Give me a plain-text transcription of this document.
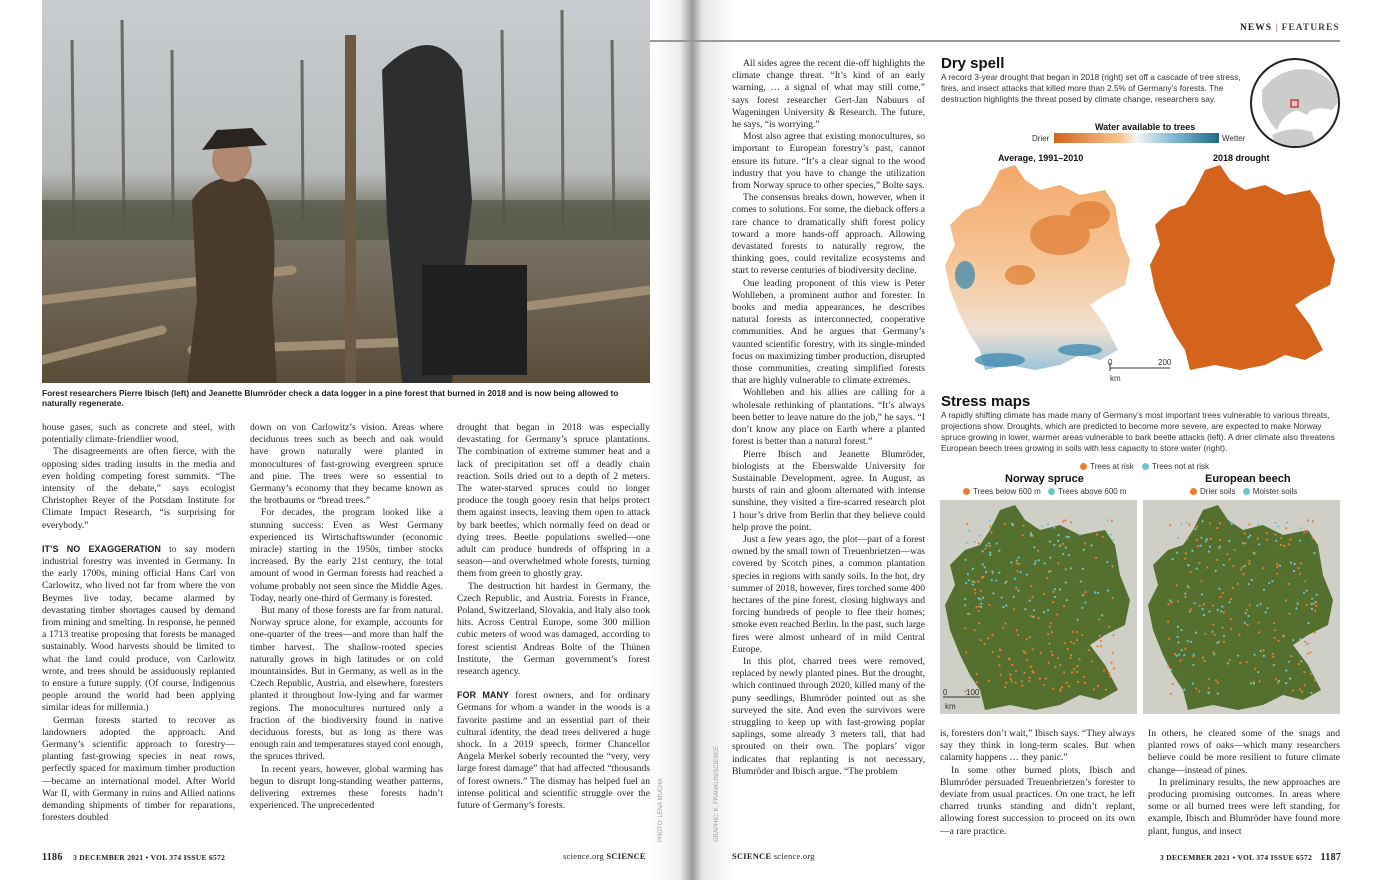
Forest researchers Pierre Ibisch (left) and Jeanette Blumröder check a data logger in a pine forest that burned in 2018 and is now being allowed to naturally regenerate.

house gases, such as concrete and steel, with potentially climate-friendlier wood.

The disagreements are often fierce, with the opposing sides trading insults in the media and even holding competing forest summits. “The intensity of the debate,” says ecologist Christopher Reyer of the Potsdam Institute for Climate Impact Research, “is surprising for everybody.”

IT’S NO EXAGGERATION to say modern industrial forestry was invented in Germany. In the early 1700s, mining official Hans Carl von Carlowitz, who lived not far from where the von Beymes live today, became alarmed by devastating timber shortages caused by demand from mining and smelting. In response, he penned a 1713 treatise proposing that forests be managed sustainably. Wood harvests should be limited to what the land could produce, von Carlowitz wrote, and trees should be assiduously replanted to ensure a future supply. (Of course, Indigenous people around the world had been applying similar ideas for millennia.)

German forests started to recover as landowners adopted the approach. And Germany’s scientific approach to forestry—planting fast-growing species in neat rows, perfectly spaced for maximum timber production—became an international model. After World War II, with Germany in ruins and Allied nations demanding shipments of timber for reparations, foresters doubled

down on von Carlowitz’s vision. Areas where deciduous trees such as beech and oak would have grown naturally were planted in monocultures of fast-growing evergreen spruce and pine. The trees were so essential to Germany’s economy that they became known as the brotbaums or “bread trees.”

For decades, the program looked like a stunning success: Even as West Germany experienced its Wirtschaftswunder (economic miracle) starting in the 1950s, timber stocks increased. By the early 21st century, the total amount of wood in German forests had reached a volume probably not seen since the Middle Ages. Today, nearly one-third of Germany is forested.

But many of those forests are far from natural. Norway spruce alone, for example, accounts for one-quarter of the trees—and more than half the timber harvest. The shallow-rooted species naturally grows in high latitudes or on cold mountainsides. But in Germany, as well as in the Czech Republic, Austria, and elsewhere, foresters planted it throughout low-lying and far warmer regions. The monocultures nurtured only a fraction of the biodiversity found in native deciduous forests, but as long as there was enough rain and temperatures stayed cool enough, the spruces thrived.

In recent years, however, global warming has begun to disrupt long-standing weather patterns, delivering extremes these forests hadn’t experienced. The unprecedented

drought that began in 2018 was especially devastating for Germany’s spruce plantations. The combination of extreme summer heat and a lack of precipitation set off a deadly chain reaction. Soils dried out to a depth of 2 meters. The water-starved spruces could no longer produce the tough gooey resin that helps protect them against insects, leaving them open to attack by bark beetles, which normally feed on dead or dying trees. Beetle populations swelled—one adult can produce hundreds of offspring in a season—and overwhelmed whole forests, turning them from green to ghostly gray.

The destruction hit hardest in Germany, the Czech Republic, and Austria. Forests in France, Poland, Switzerland, Slovakia, and Italy also took hits. Across Central Europe, some 300 million cubic meters of wood was damaged, according to forest scientist Andreas Bolte of the Thünen Institute, the German government’s forest research agency.

FOR MANY forest owners, and for ordinary Germans for whom a wander in the woods is a favorite pastime and an essential part of their cultural identity, the dead trees delivered a huge shock. In a 2019 speech, former Chancellor Angela Merkel soberly recounted the “very, very large forest damage” that had affected “thousands of forest owners.” The dismay has helped fuel an intense political and scientific struggle over the future of Germany’s forests.	PHOTO: LENA MUCHA	GRAPHIC: K. FRANKLIN/SCIENCE
1186 3 DECEMBER 2021 • VOL 374 ISSUE 6572	science.org SCIENCE
NEWS | FEATURES

All sides agree the recent die-off highlights the climate change threat. “It’s kind of an early warning, … a signal of what may still come,” says forest researcher Gert-Jan Nabuurs of Wageningen University & Research. The future, he says, “is worrying.”

Most also agree that existing monocultures, so important to European forestry’s past, cannot ensure its future. “It’s a clear signal to the wood industry that you have to change the utilization from Norway spruce to other species,” Bolte says.

The consensus breaks down, however, when it comes to solutions. For some, the dieback offers a rare chance to dramatically shift forest policy toward a more hands-off approach. Allowing devastated forests to naturally regrow, the thinking goes, could revitalize ecosystems and start to reverse centuries of biodiversity decline.

One leading proponent of this view is Peter Wohlleben, a prominent author and forester. In books and media appearances, he describes natural forests as interconnected, cooperative communities. And he argues that Germany’s vaunted scientific forestry, with its single-minded focus on maximizing timber production, disrupted those communities, creating simplified forests that are highly vulnerable to climate extremes.

Wohlleben and his allies are calling for a wholesale rethinking of plantations. “It’s always been better to leave nature do the job,” he says. “I don’t know any place on Earth where a planted forest is better than a natural forest.”

Pierre Ibisch and Jeanette Blumröder, biologists at the Eberswalde University for Sustainable Development, agree. In August, as bursts of rain and gloom alternated with intense sunshine, they visited a fire-scarred research plot 1 hour’s drive from Berlin that they believe could help prove the point.

Just a few years ago, the plot—part of a forest owned by the small town of Treuenbrietzen—was covered by Scotch pines, a common plantation species in regions with sandy soils. In the hot, dry summer of 2018, however, fires torched some 400 hectares of the pine forest, closing highways and forcing hundreds of people to flee their homes; smoke even reached Berlin. In the past, such large fires were almost unheard of in mild Central Europe.

In this plot, charred trees were removed, replaced by newly planted pines. But the drought, which continued through 2020, killed many of the puny seedlings, Blumröder pointed out as she surveyed the site. And even the survivors were struggling to keep up with fast-growing poplar saplings, some already 3 meters tall, that had sprouted on their own. The poplars’ vigor indicates that replanting is not necessary, Blumröder and Ibisch argue. “The problem

is, foresters don’t wait,” Ibisch says. “They always say they think in long-term scales. But when calamity happens … they panic.”

In some other burned plots, Ibisch and Blumröder persuaded Treuenbrietzen’s forester to deviate from usual practices. On one tract, he left charred trunks standing and didn’t replant, allowing forest succession to proceed on its own—a rare practice.

In others, he cleared some of the snags and planted rows of oaks—which many researchers believe could be more resilient to future climate change—instead of pines.

In preliminary results, the new approaches are producing promising outcomes. In areas where some or all burned trees were left standing, for example, Ibisch and Blumröder have found more plant, fungus, and insect

Dry spell
A record 3-year drought that began in 2018 (right) set off a cascade of tree stress, fires, and insect attacks that killed more than 2.5% of Germany’s forests. The destruction highlights the threat posed by climate change, researchers say.
Water available to trees
Drier	Wetter
Average, 1991–2010	2018 drought
0	200
km
Stress maps
A rapidly shifting climate has made many of Germany’s most important trees vulnerable to various threats, projections show. Droughts, which are predicted to become more severe, are expected to make Norway spruce growing in lower, warmer areas vulnerable to bark beetle attacks (left). A drier climate also threatens European beech trees growing in soils with less capacity to store water (right).
Trees at risk Trees not at risk
Norway spruce
Trees below 600 m Trees above 600 m
European beech
Drier soils Moister soils
0 100
km
SCIENCE science.org	3 DECEMBER 2021 • VOL 374 ISSUE 6572 1187
